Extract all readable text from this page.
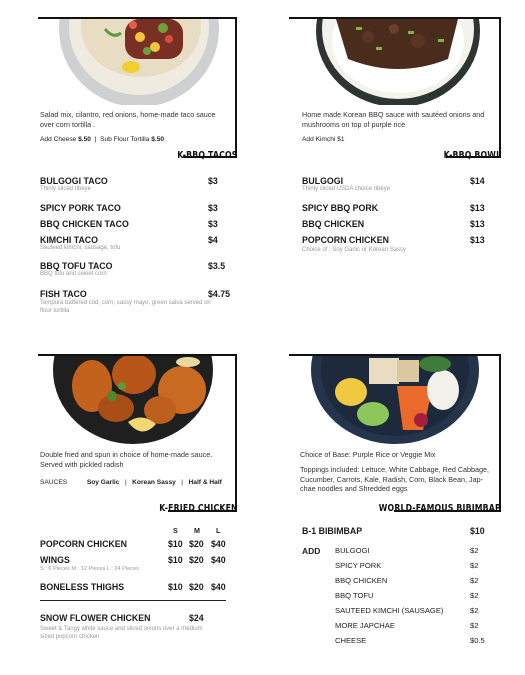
Salad mix, cilantro, red onions, home-made taco sauce over corn tortilla .
Add Cheese $.50  |  Sub Flour Tortilla $.50
K-BBQ TACOS
BULGOGI TACO	$3
Thinly sliced ribeye
SPICY PORK TACO	$3
BBQ CHICKEN TACO	$3
KIMCHI TACO	$4
Sauteed kimchi, sausage, tofu
BBQ TOFU TACO	$3.5
BBQ tofu and sweet corn
FISH TACO	$4.75
Tempura battered cod, corn, sassy mayo, green salsa served on
flour tortilla
Home made Korean BBQ sauce with sautéed onions and mushrooms on top of purple rice
Add Kimchi $1
K-BBQ BOWL
BULGOGI	$14
Thinly sliced USDA choice ribeye
SPICY BBQ PORK	$13
BBQ CHICKEN	$13
POPCORN CHICKEN	$13
Choice of : Soy Garlic or Korean Sassy
Double fried and spun in choice of home-made sauce. Served with pickled radish
SAUCES	Soy Garlic   |   Korean Sassy   |   Half & Half
K-FRIED CHICKEN
S M L
POPCORN CHICKEN	$10 $20 $40
WINGS	$10 $20 $40
S : 6 Pieces M : 12 Pieces L : 24 Pieces
BONELESS THIGHS	$10 $20 $40
SNOW FLOWER CHICKEN	$24
Sweet & Tangy white sauce and sliced onions over a medium
sized popcorn chicken
Choice of Base: Purple Rice or Veggie Mix
Toppings included: Lettuce, White Cabbage, Red Cabbage, Cucumber, Carrots, Kale, Radish, Corn, Black Bean, Jap-chae noodles and Shredded eggs
WORLD-FAMOUS BIBIMBAP
B-1 BIBIMBAP	$10
ADD BULGOGI	$2
SPICY PORK	$2
BBQ CHICKEN	$2
BBQ TOFU	$2
SAUTEED KIMCHI (SAUSAGE)	$2
MORE JAPCHAE	$2
CHEESE	$0.5
